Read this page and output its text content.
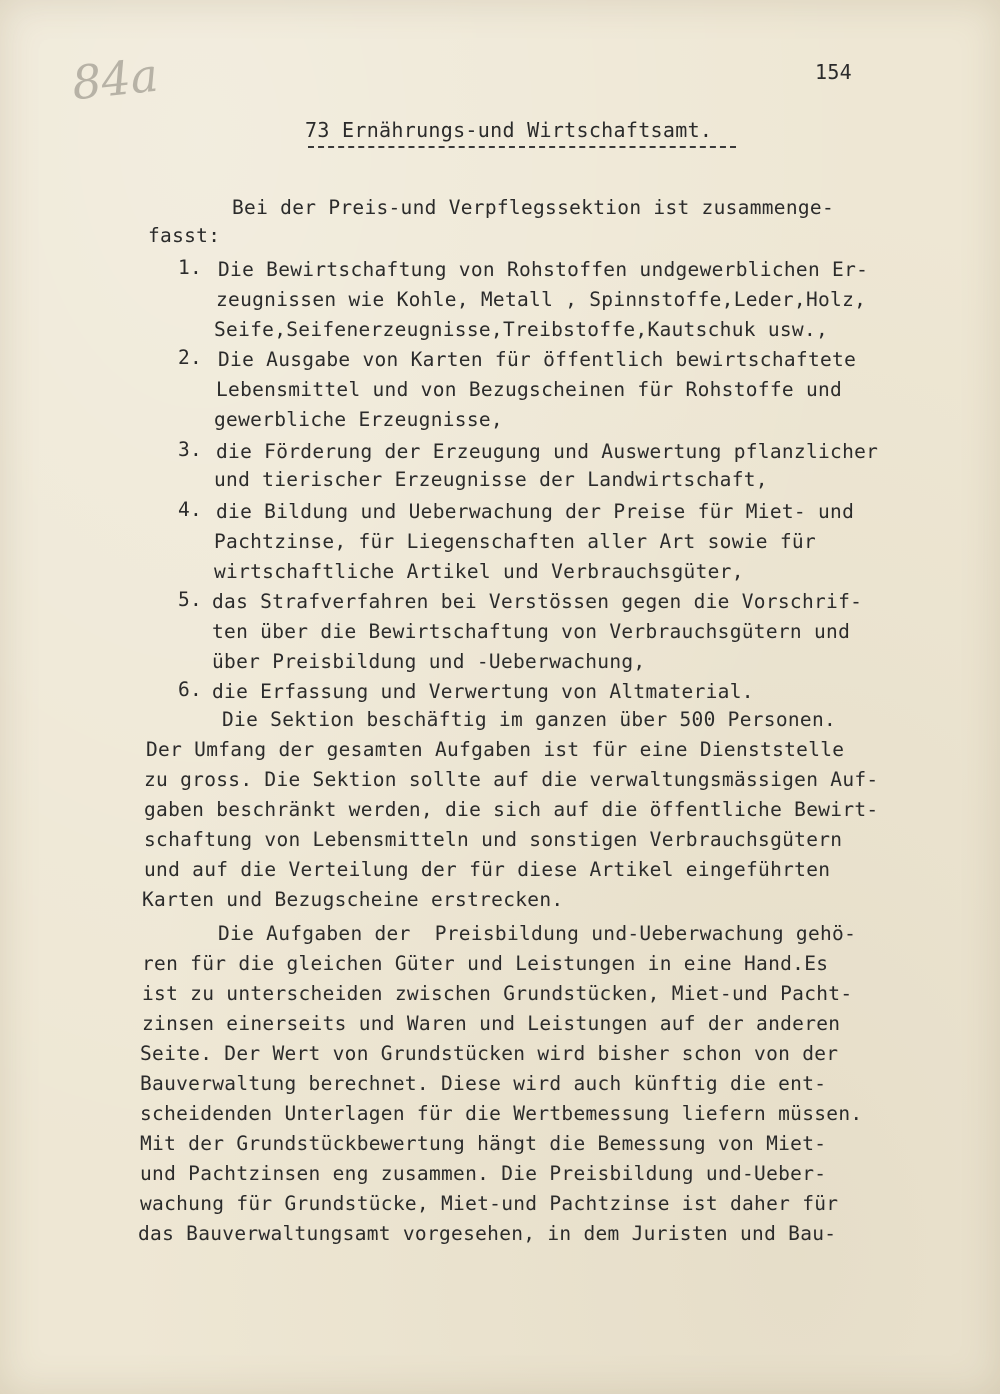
84a	154
73 Ernährungs-und Wirtschaftsamt.
Bei der Preis-und Verpflegssektion ist zusammenge-
fasst:
1. Die Bewirtschaftung von Rohstoffen undgewerblichen Er-
zeugnissen wie Kohle, Metall , Spinnstoffe,Leder,Holz,
Seife,Seifenerzeugnisse,Treibstoffe,Kautschuk usw.,
2. Die Ausgabe von Karten für öffentlich bewirtschaftete
Lebensmittel und von Bezugscheinen für Rohstoffe und
gewerbliche Erzeugnisse,
3. die Förderung der Erzeugung und Auswertung pflanzlicher
und tierischer Erzeugnisse der Landwirtschaft,
4. die Bildung und Ueberwachung der Preise für Miet- und
Pachtzinse, für Liegenschaften aller Art sowie für
wirtschaftliche Artikel und Verbrauchsgüter,
5. das Strafverfahren bei Verstössen gegen die Vorschrif-
ten über die Bewirtschaftung von Verbrauchsgütern und
über Preisbildung und -Ueberwachung,
6. die Erfassung und Verwertung von Altmaterial.
Die Sektion beschäftig im ganzen über 500 Personen.
Der Umfang der gesamten Aufgaben ist für eine Dienststelle
zu gross. Die Sektion sollte auf die verwaltungsmässigen Auf-
gaben beschränkt werden, die sich auf die öffentliche Bewirt-
schaftung von Lebensmitteln und sonstigen Verbrauchsgütern
und auf die Verteilung der für diese Artikel eingeführten
Karten und Bezugscheine erstrecken.
Die Aufgaben der  Preisbildung und-Ueberwachung gehö-
ren für die gleichen Güter und Leistungen in eine Hand.Es
ist zu unterscheiden zwischen Grundstücken, Miet-und Pacht-
zinsen einerseits und Waren und Leistungen auf der anderen
Seite. Der Wert von Grundstücken wird bisher schon von der
Bauverwaltung berechnet. Diese wird auch künftig die ent-
scheidenden Unterlagen für die Wertbemessung liefern müssen.
Mit der Grundstückbewertung hängt die Bemessung von Miet-
und Pachtzinsen eng zusammen. Die Preisbildung und-Ueber-
wachung für Grundstücke, Miet-und Pachtzinse ist daher für
das Bauverwaltungsamt vorgesehen, in dem Juristen und Bau-
